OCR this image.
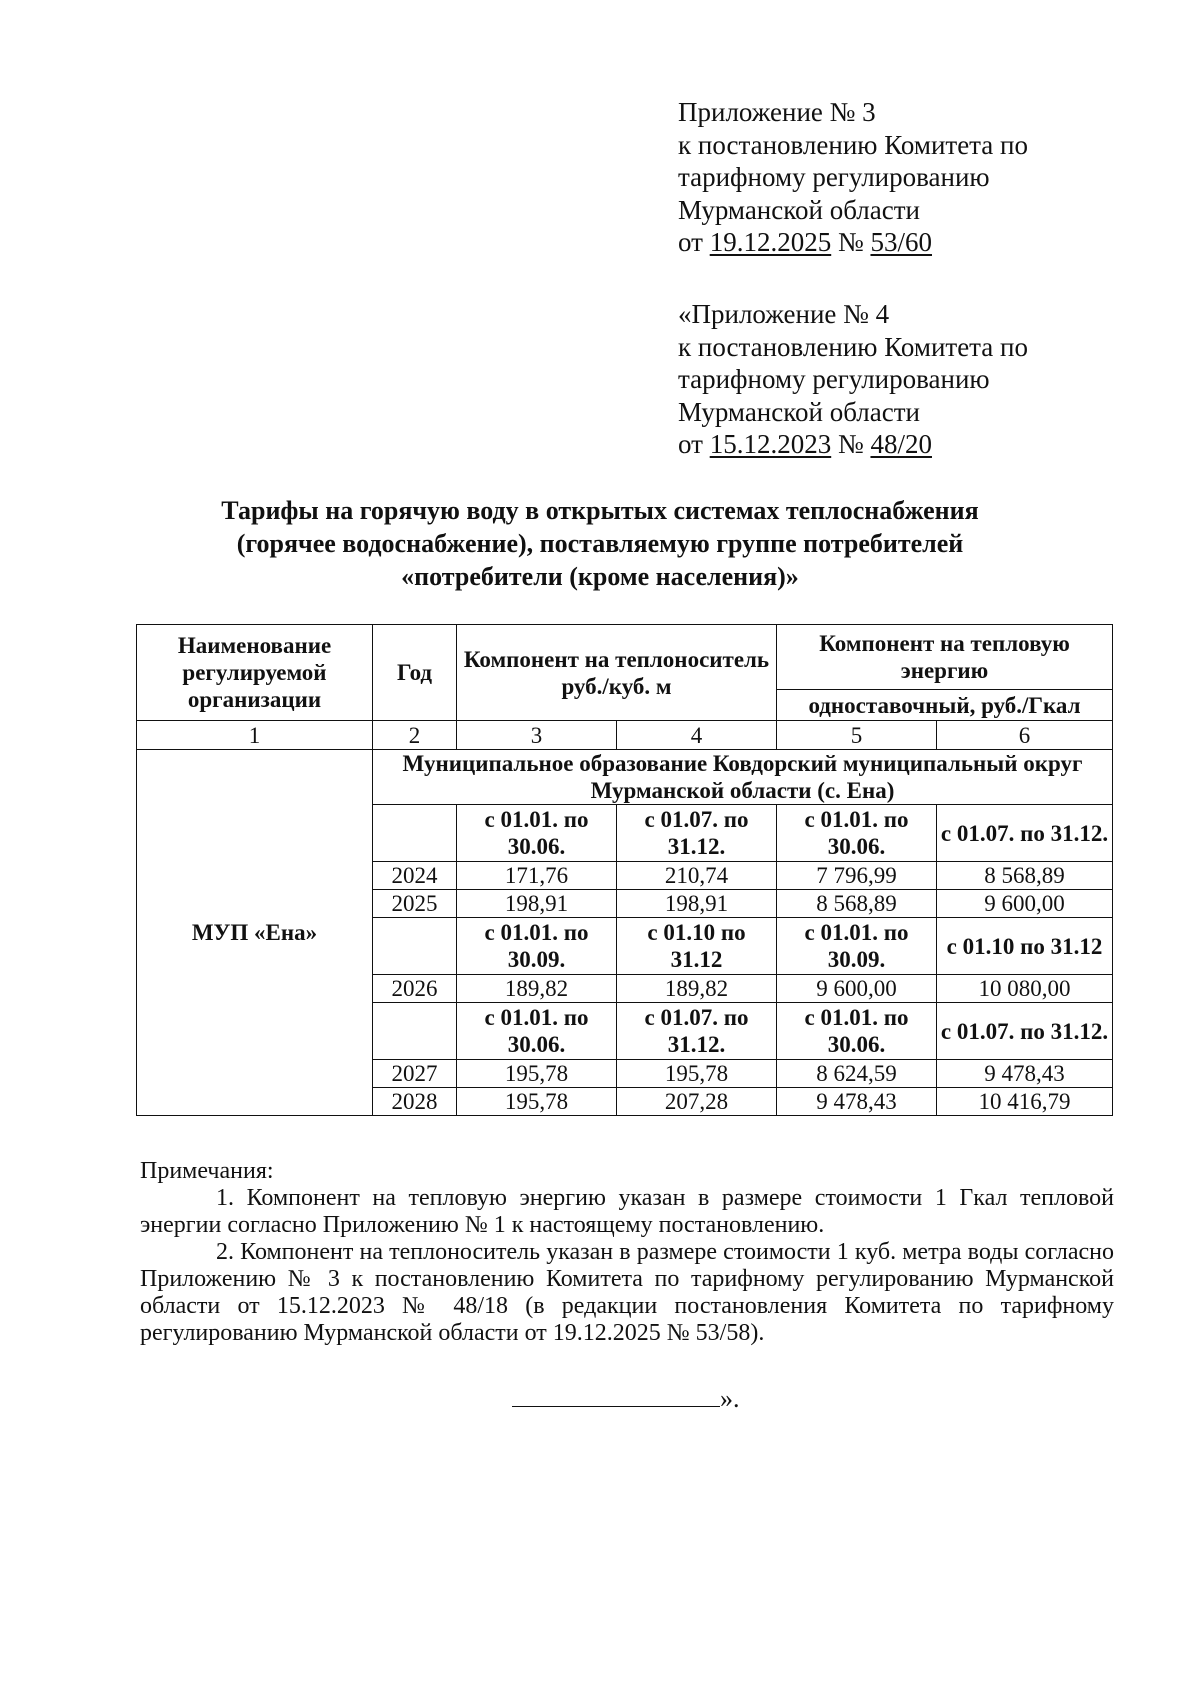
Приложение № 3
к постановлению Комитета по
тарифному регулированию
Мурманской области
от 19.12.2025 № 53/60
«Приложение № 4
к постановлению Комитета по
тарифному регулированию
Мурманской области
от 15.12.2023 № 48/20
Тарифы на горячую воду в открытых системах теплоснабжения
(горячее водоснабжение), поставляемую группе потребителей
«потребители (кроме населения)»
Наименование регулируемой организации	Год	Компонент на теплоноситель руб./куб. м		Компонент на тепловую энергию	
				одноставочный, руб./Гкал	
1	2	3	4	5	6
МУП «Ена»	Муниципальное образование Ковдорский муниципальный округ Мурманской области (с. Ена)				
		с 01.01. по 30.06.	с 01.07. по 31.12.	с 01.01. по 30.06.	с 01.07. по 31.12.
	2024	171,76	210,74	7 796,99	8 568,89
	2025	198,91	198,91	8 568,89	9 600,00
		с 01.01. по 30.09.	с 01.10 по 31.12	с 01.01. по 30.09.	с 01.10 по 31.12
	2026	189,82	189,82	9 600,00	10 080,00
		с 01.01. по 30.06.	с 01.07. по 31.12.	с 01.01. по 30.06.	с 01.07. по 31.12.
	2027	195,78	195,78	8 624,59	9 478,43
	2028	195,78	207,28	9 478,43	10 416,79

Примечания:

1. Компонент на тепловую энергию указан в размере стоимости 1 Гкал тепловой энергии согласно Приложению № 1 к настоящему постановлению.

2. Компонент на теплоноситель указан в размере стоимости 1 куб. метра воды согласно Приложению № 3 к постановлению Комитета по тарифному регулированию Мурманской области от 15.12.2023 № 48/18 (в редакции постановления Комитета по тарифному регулированию Мурманской области от 19.12.2025 № 53/58).

».
